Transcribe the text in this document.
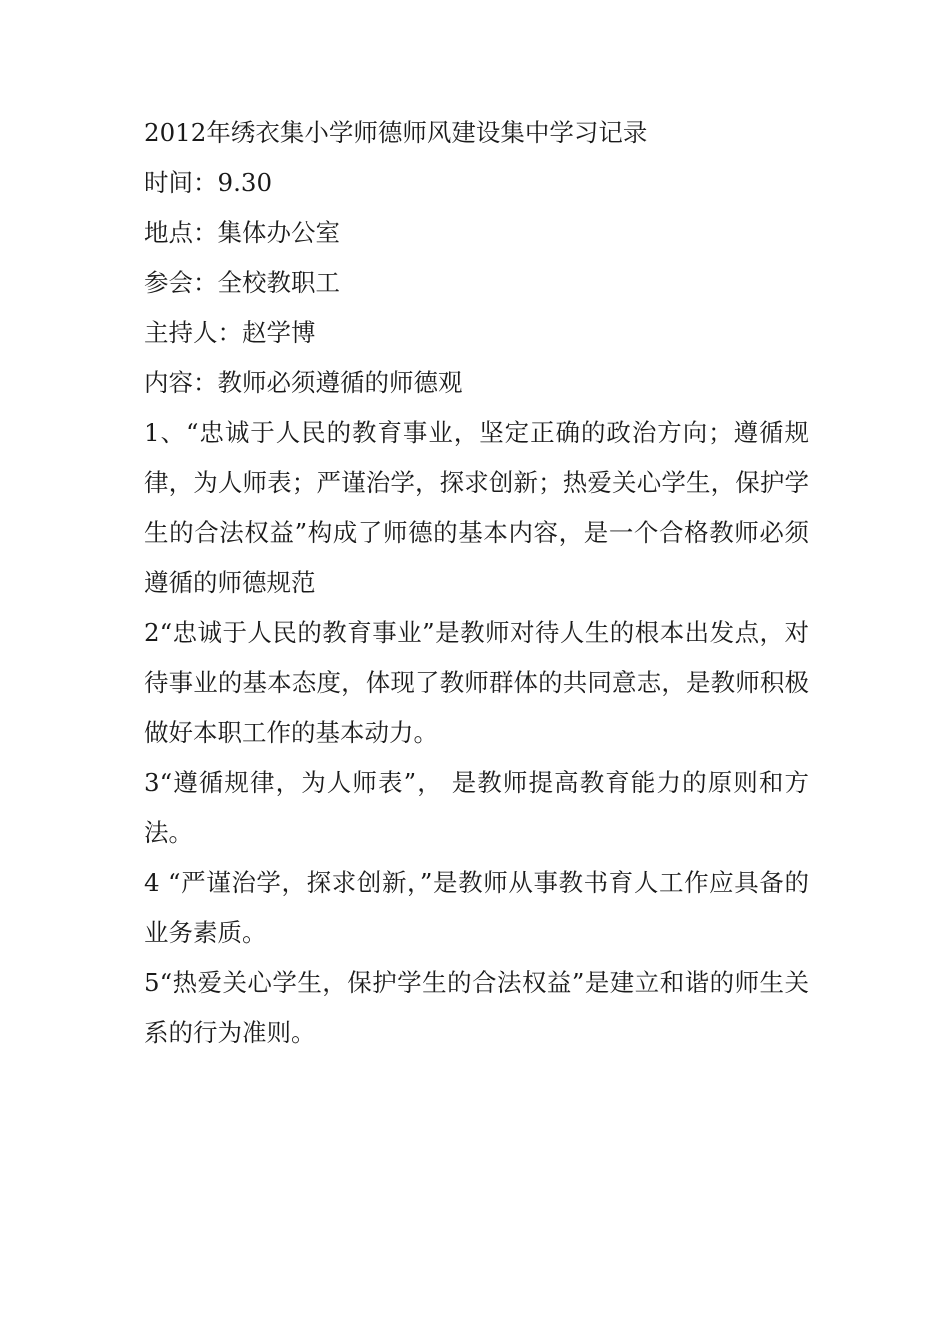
2012年绣衣集小学师德师风建设集中学习记录

时间：9.30

地点：集体办公室

参会：全校教职工

主持人：赵学博

内容：教师必须遵循的师德观

1、“忠诚于人民的教育事业，坚定正确的政治方向；遵循规律，为人师表；严谨治学，探求创新；热爱关心学生，保护学生的合法权益”构成了师德的基本内容，是一个合格教师必须遵循的师德规范

2“忠诚于人民的教育事业”是教师对待人生的根本出发点，对待事业的基本态度，体现了教师群体的共同意志，是教师积极做好本职工作的基本动力。

3“遵循规律，为人师表”， 是教师提高教育能力的原则和方法。

4 “严谨治学，探求创新，”是教师从事教书育人工作应具备的业务素质。

5“热爱关心学生，保护学生的合法权益”是建立和谐的师生关系的行为准则。
